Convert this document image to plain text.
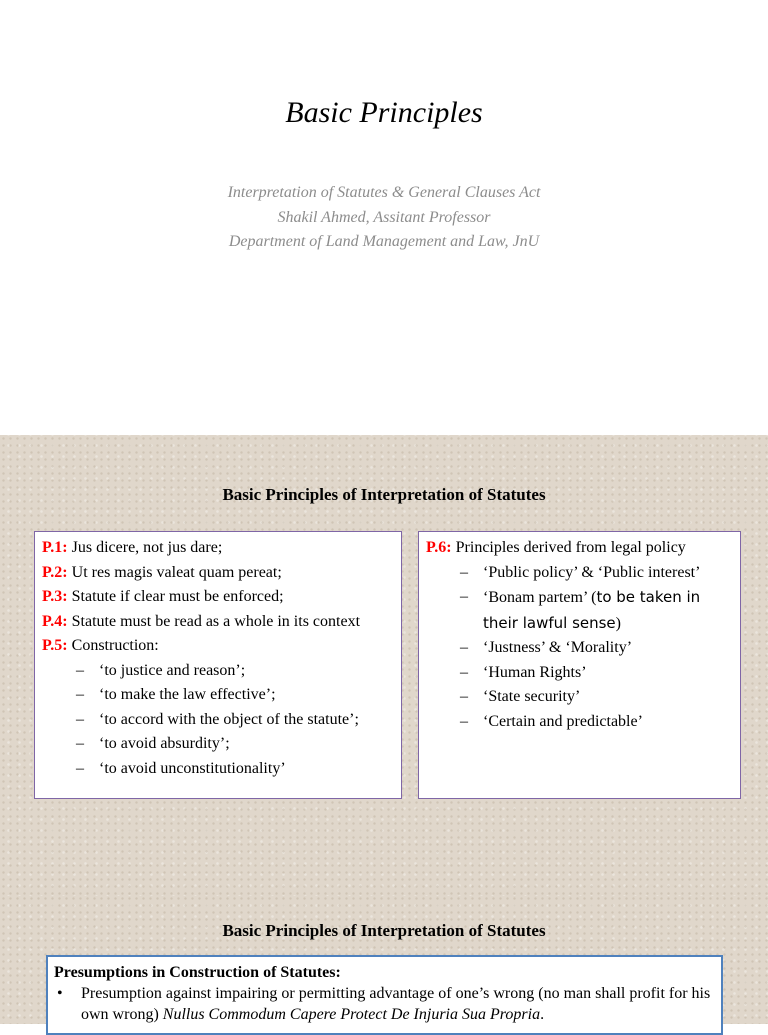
Basic Principles
Interpretation of Statutes & General Clauses Act
Shakil Ahmed, Assitant Professor
Department of Land Management and Law, JnU
Basic Principles of Interpretation of Statutes
P.1: Jus dicere, not jus dare;
P.2: Ut res magis valeat quam pereat;
P.3: Statute if clear must be enforced;
P.4: Statute must be read as a whole in its context
P.5: Construction:
– ‘to justice and reason’;
– ‘to make the law effective’;
– ‘to accord with the object of the statute’;
– ‘to avoid absurdity’;
– ‘to avoid unconstitutionality’
P.6: Principles derived from legal policy
– ‘Public policy’ & ‘Public interest’
– ‘Bonam partem’ (to be taken in their lawful sense)
– ‘Justness’ & ‘Morality’
– ‘Human Rights’
– ‘State security’
– ‘Certain and predictable’
Basic Principles of Interpretation of Statutes
Presumptions in Construction of Statutes:
• Presumption against impairing or permitting advantage of one’s wrong (no man shall profit for his own wrong) Nullus Commodum Capere Protect De Injuria Sua Propria.
